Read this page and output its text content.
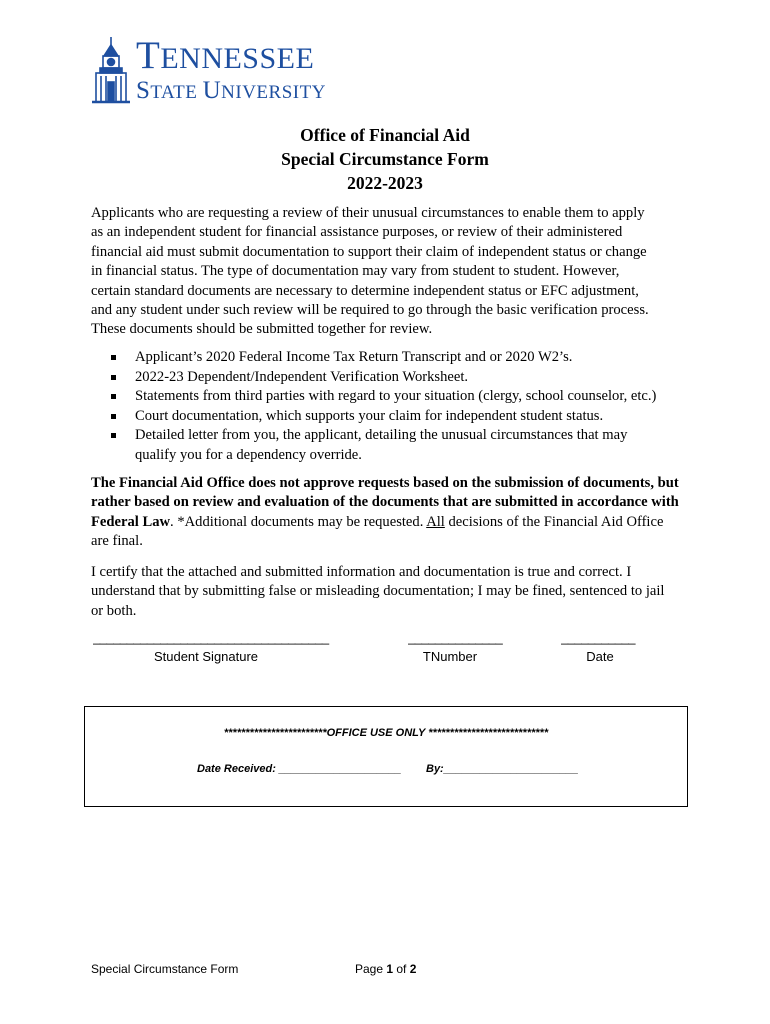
TENNESSEE
STATE UNIVERSITY
Office of Financial Aid
Special Circumstance Form
2022-2023
Applicants who are requesting a review of their unusual circumstances to enable them to apply
as an independent student for financial assistance purposes, or review of their administered
financial aid must submit documentation to support their claim of independent status or change
in financial status. The type of documentation may vary from student to student. However,
certain standard documents are necessary to determine independent status or EFC adjustment,
and any student under such review will be required to go through the basic verification process.
These documents should be submitted together for review.
Applicant’s 2020 Federal Income Tax Return Transcript and or 2020 W2’s.
2022-23 Dependent/Independent Verification Worksheet.
Statements from third parties with regard to your situation (clergy, school counselor, etc.)
Court documentation, which supports your claim for independent student status.
Detailed letter from you, the applicant, detailing the unusual circumstances that may qualify you for a dependency override.
The Financial Aid Office does not approve requests based on the submission of documents, but rather based on review and evaluation of the documents that are submitted in accordance with Federal Law. *Additional documents may be requested. All decisions of the Financial Aid Office are final.
I certify that the attached and submitted information and documentation is true and correct. I understand that by submitting false or misleading documentation; I may be fined, sentenced to jail or both.
___________________________________
Student Signature
______________
TNumber
___________
Date
************************OFFICE USE ONLY ****************************
Date Received: ____________________ By:______________________
Special Circumstance Form	Page 1 of 2
